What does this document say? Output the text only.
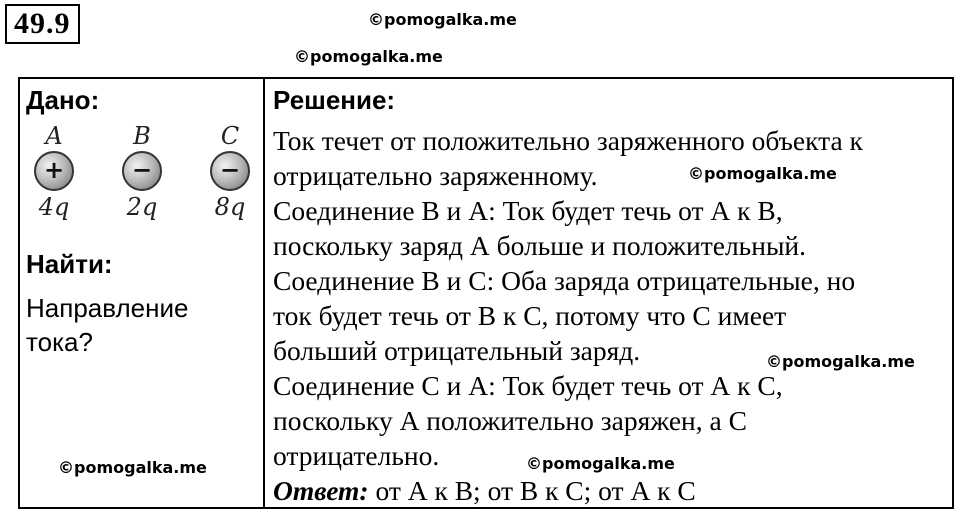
49.9	©pomogalka.me
©pomogalka.me
Дано:
A
+
4q
B
−
2q
C
−
8q
Найти:
Направление
тока?
Решение:
Ток течет от положительно заряженного объекта к
отрицательно заряженному.
Соединение В и А: Ток будет течь от А к В,
поскольку заряд А больше и положительный.
Соединение В и С: Оба заряда отрицательные, но
ток будет течь от В к С, потому что С имеет
больший отрицательный заряд.
Соединение С и А: Ток будет течь от А к С,
поскольку А положительно заряжен, а С
отрицательно.
Ответ: от А к В; от В к С; от А к С
©pomogalka.me
©pomogalka.me
©pomogalka.me	©pomogalka.me
